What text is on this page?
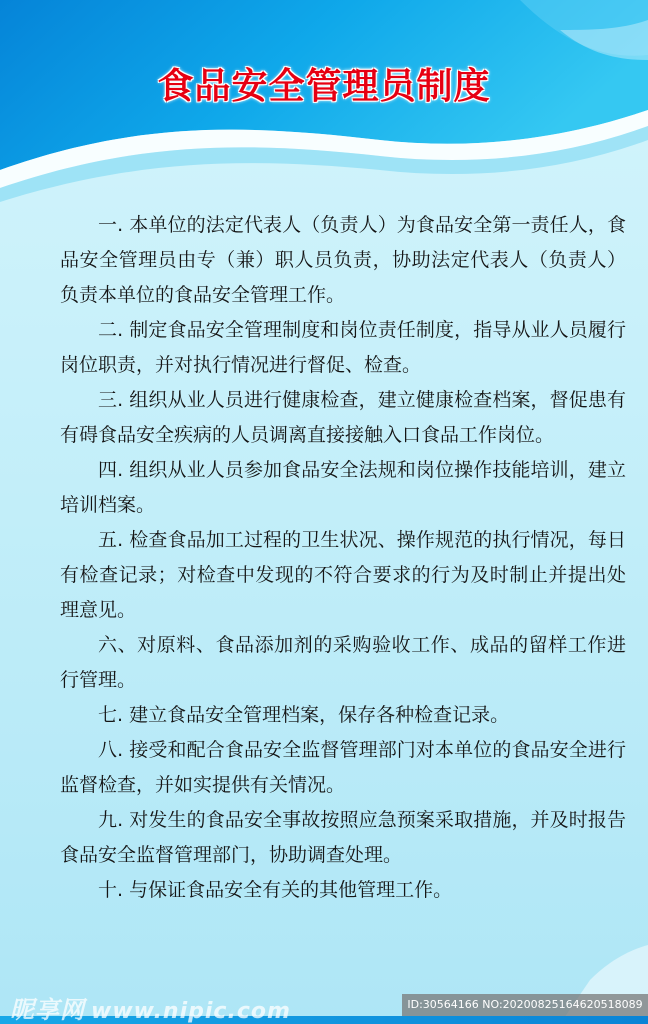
食品安全管理员制度

一. 本单位的法定代表人（负责人）为食品安全第一责任人，食品安全管理员由专（兼）职人员负责，协助法定代表人（负责人）负责本单位的食品安全管理工作。

二. 制定食品安全管理制度和岗位责任制度，指导从业人员履行岗位职责，并对执行情况进行督促、检查。

三. 组织从业人员进行健康检查，建立健康检查档案，督促患有有碍食品安全疾病的人员调离直接接触入口食品工作岗位。

四. 组织从业人员参加食品安全法规和岗位操作技能培训，建立培训档案。

五. 检查食品加工过程的卫生状况、操作规范的执行情况，每日有检查记录；对检查中发现的不符合要求的行为及时制止并提出处理意见。

六、对原料、食品添加剂的采购验收工作、成品的留样工作进行管理。

七. 建立食品安全管理档案，保存各种检查记录。

八. 接受和配合食品安全监督管理部门对本单位的食品安全进行监督检查，并如实提供有关情况。

九. 对发生的食品安全事故按照应急预案采取措施，并及时报告食品安全监督管理部门，协助调查处理。

十. 与保证食品安全有关的其他管理工作。

昵享网 www.nipic.com	ID:30564166 NO:20200825164620518089
